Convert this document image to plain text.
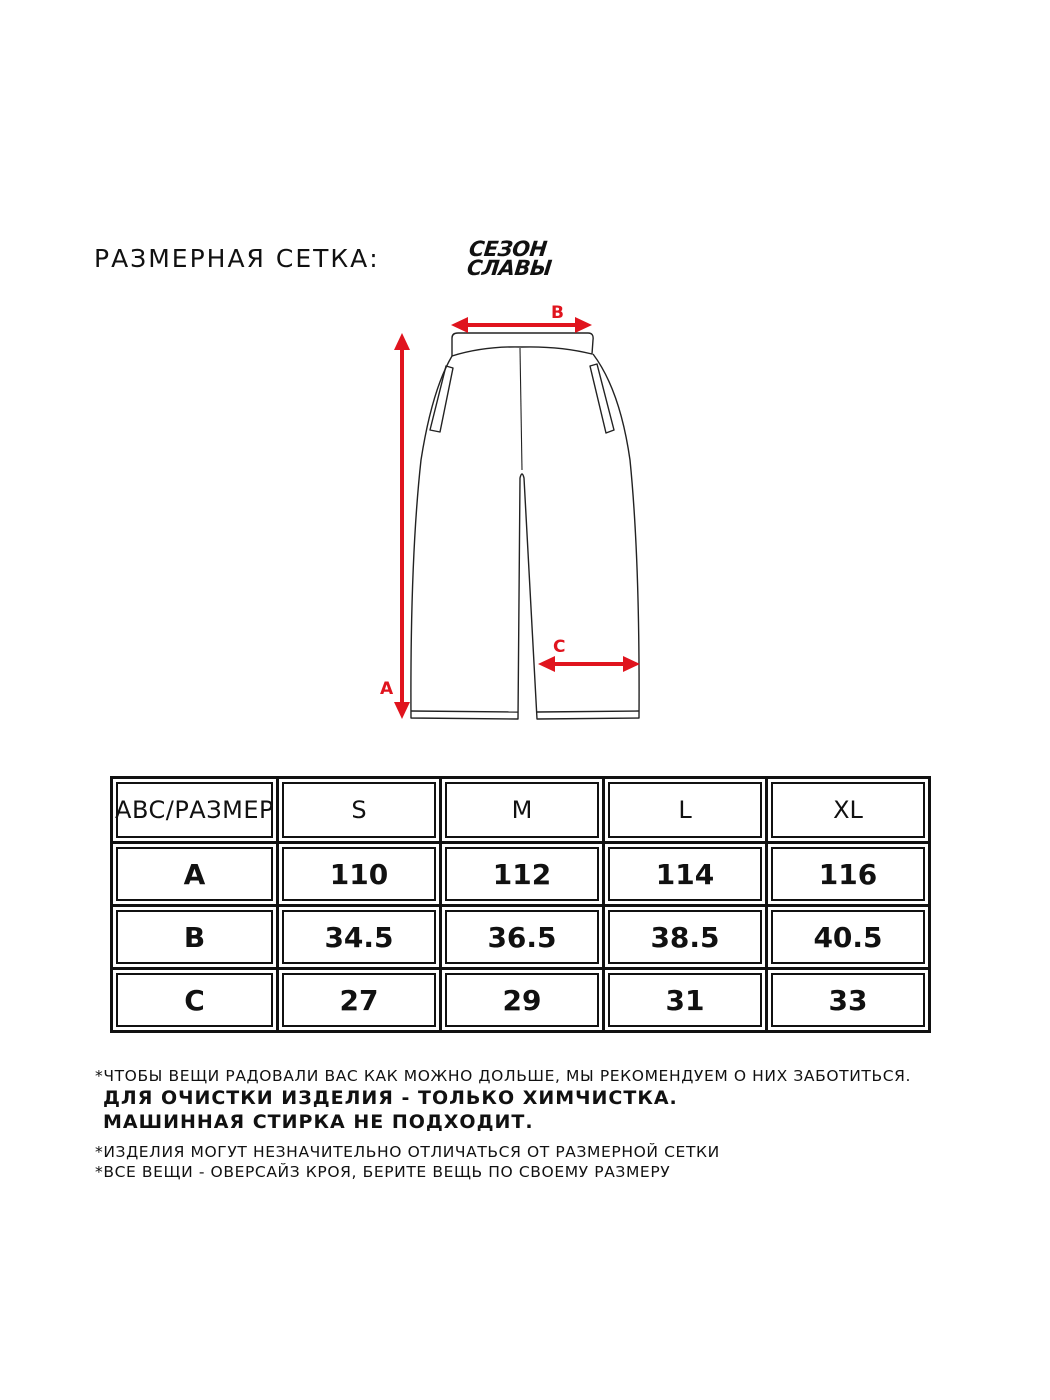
РАЗМЕРНАЯ СЕТКА:	СЕЗОН
СЛАВЫ
A
B
C
ABC/РАЗМЕР	S	M	L	XL
A	110	112	114	116
B	34.5	36.5	38.5	40.5
C	27	29	31	33
*ЧТОБЫ ВЕЩИ РАДОВАЛИ ВАС КАК МОЖНО ДОЛЬШЕ, МЫ РЕКОМЕНДУЕМ О НИХ ЗАБОТИТЬСЯ.
ДЛЯ ОЧИСТКИ ИЗДЕЛИЯ - ТОЛЬКО ХИМЧИСТКА.
МАШИННАЯ СТИРКА НЕ ПОДХОДИТ.
*ИЗДЕЛИЯ МОГУТ НЕЗНАЧИТЕЛЬНО ОТЛИЧАТЬСЯ ОТ РАЗМЕРНОЙ СЕТКИ
*ВСЕ ВЕЩИ - ОВЕРСАЙЗ КРОЯ, БЕРИТЕ ВЕЩЬ ПО СВОЕМУ РАЗМЕРУ
